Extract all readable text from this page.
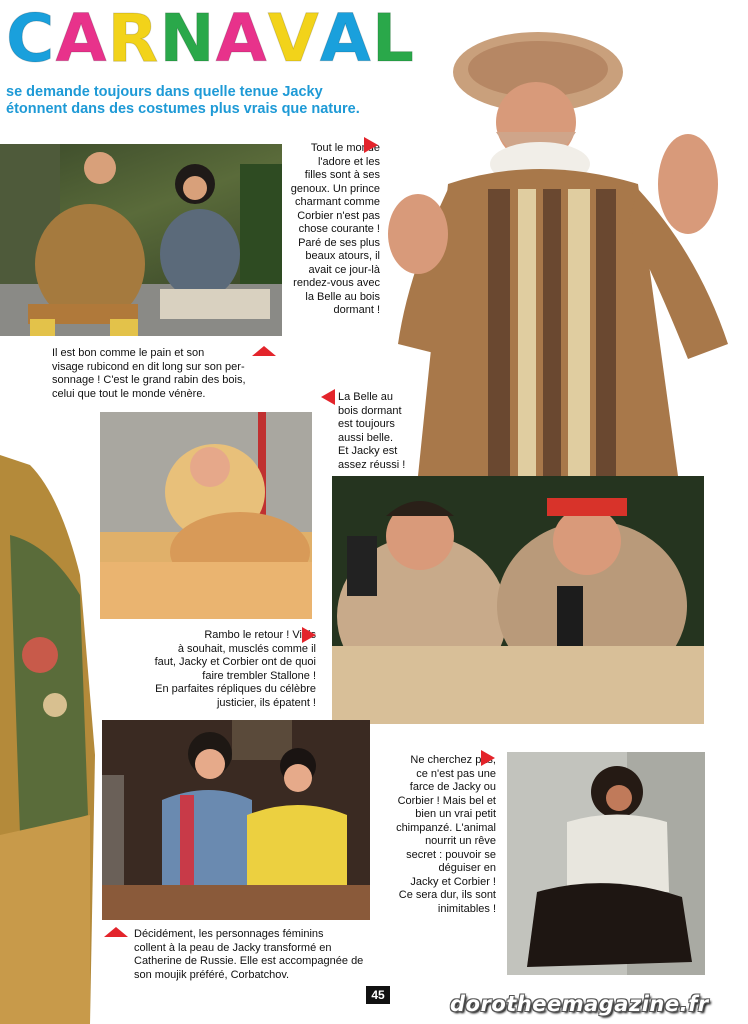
CARNAVAL
se demande toujours dans quelle tenue Jacky
étonnent dans des costumes plus vrais que nature.
Tout le monde
l'adore et les
filles sont à ses
genoux. Un prince
charmant comme
Corbier n'est pas
chose courante !
Paré de ses plus
beaux atours, il
avait ce jour-là
rendez-vous avec
la Belle au bois
dormant !
Il est bon comme le pain et son
visage rubicond en dit long sur son per-
sonnage ! C'est le grand rabin des bois,
celui que tout le monde vénère.	La Belle au
bois dormant
est toujours
aussi belle.
Et Jacky est
assez réussi !
Rambo le retour ! Virils
à souhait, musclés comme il
faut, Jacky et Corbier ont de quoi
faire trembler Stallone !
En parfaites répliques du célèbre
justicier, ils épatent !
Décidément, les personnages féminins
collent à la peau de Jacky transformé en
Catherine de Russie. Elle est accompagnée de
son moujik préféré, Corbatchov.
Ne cherchez pas,
ce n'est pas une
farce de Jacky ou
Corbier ! Mais bel et
bien un vrai petit
chimpanzé. L'animal
nourrit un rêve
secret : pouvoir se
déguiser en
Jacky et Corbier !
Ce sera dur, ils sont
inimitables !
45	dorotheemagazine.fr
